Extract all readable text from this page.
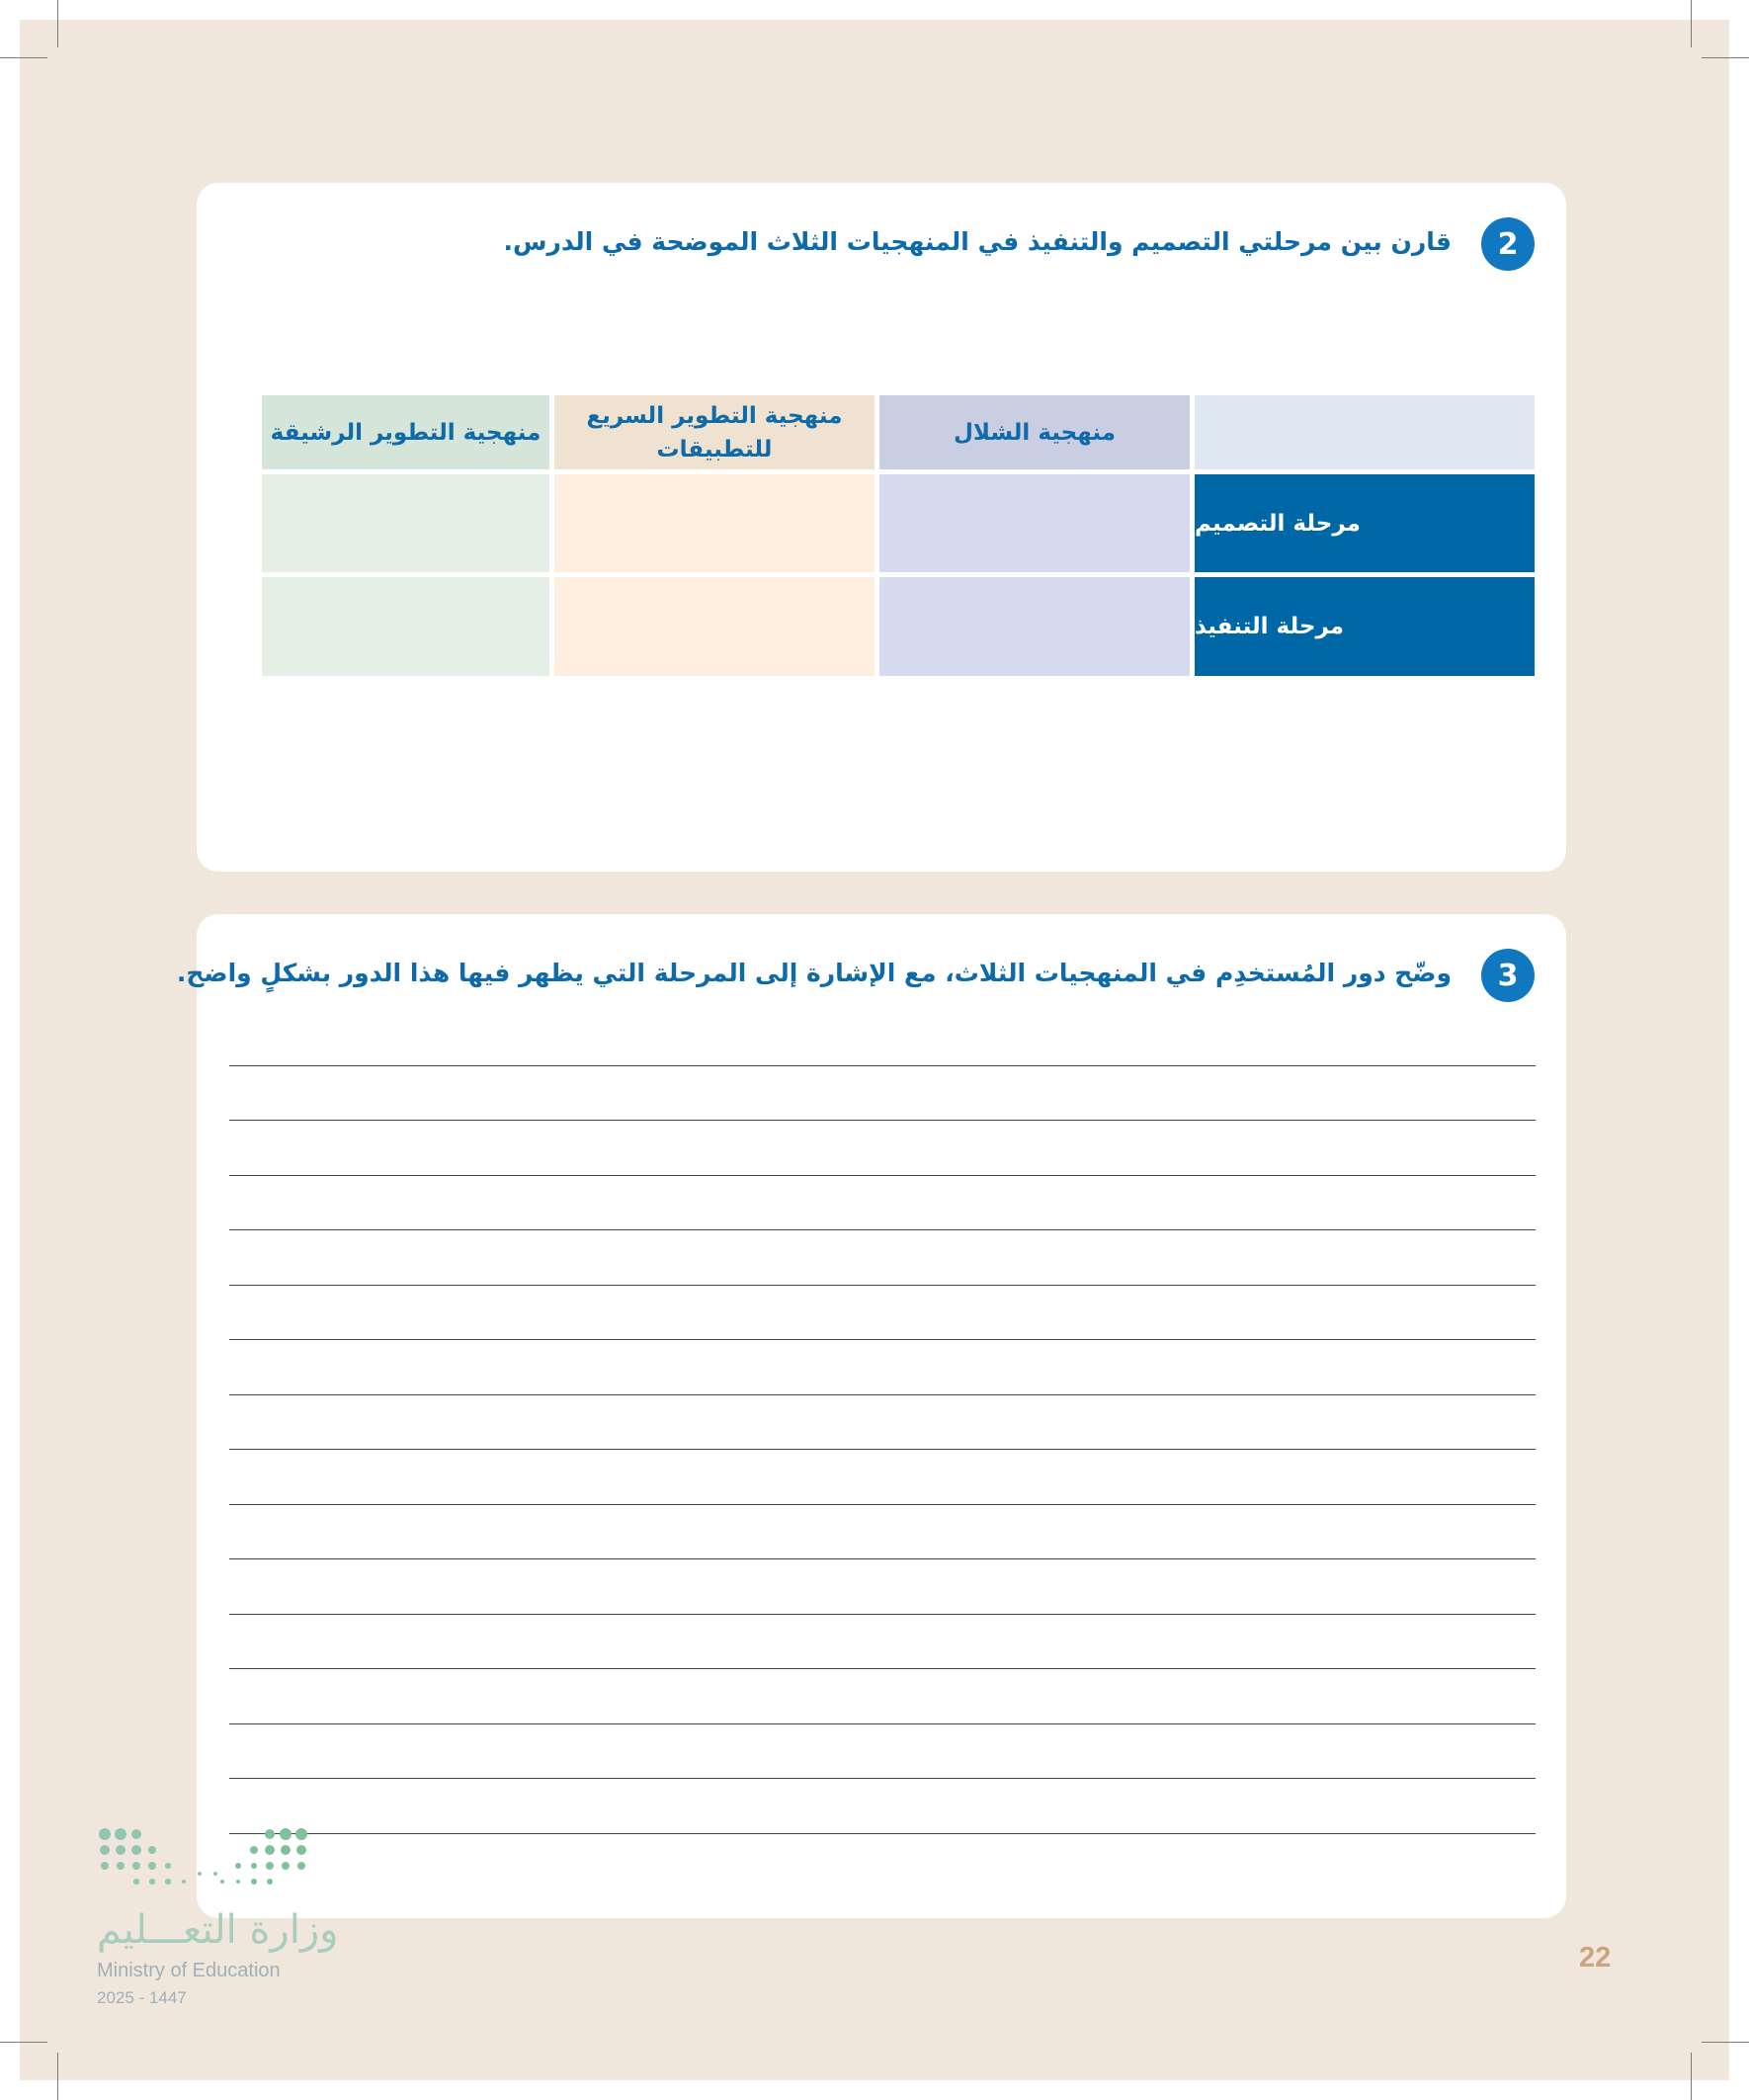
2
قارن بين مرحلتي التصميم والتنفيذ في المنهجيات الثلاث الموضحة في الدرس.
منهجية الشلال
منهجية التطوير السريع للتطبيقات
منهجية التطوير الرشيقة
مرحلة التصميم
مرحلة التنفيذ
3
وضّح دور المُستخدِم في المنهجيات الثلاث، مع الإشارة إلى المرحلة التي يظهر فيها هذا الدور بشكلٍ واضح.
وزارة التعـــليم
Ministry of Education
2025 - 1447
22
